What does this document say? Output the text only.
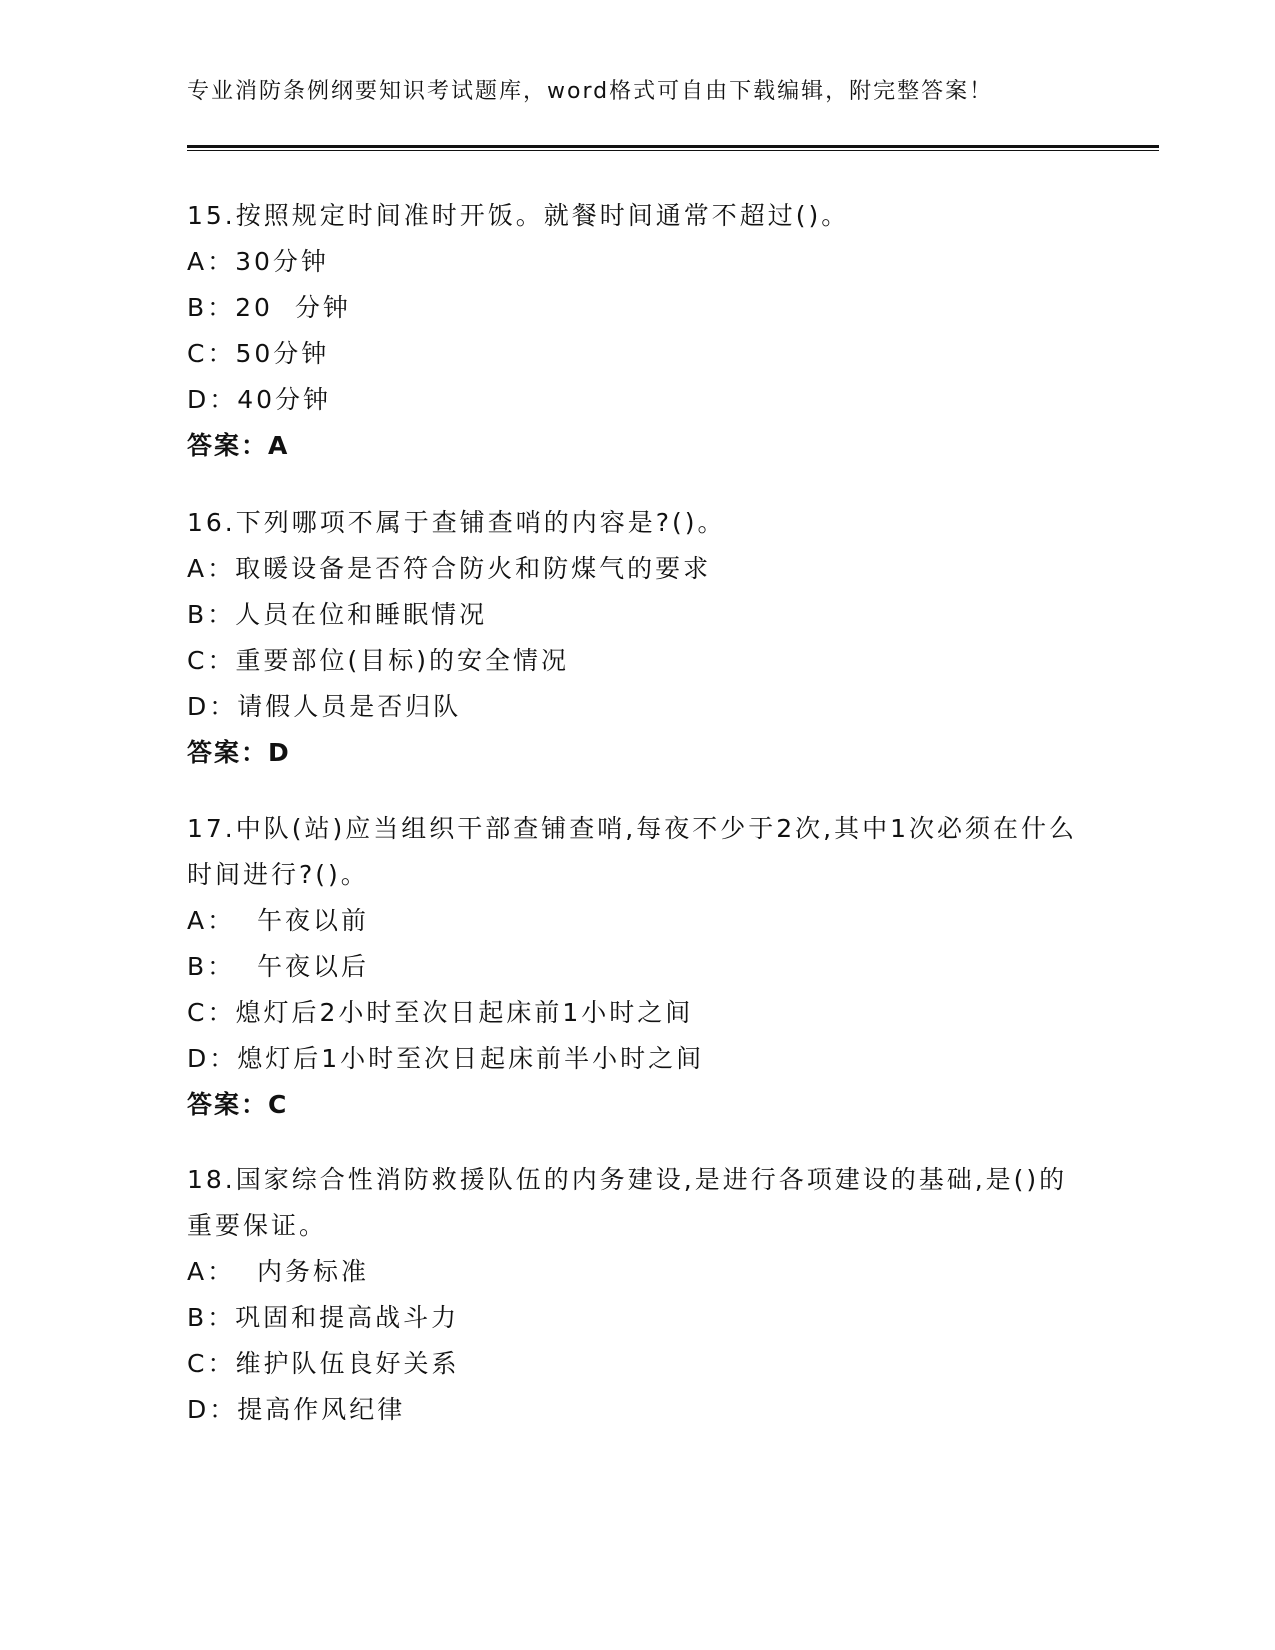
专业消防条例纲要知识考试题库，word格式可自由下载编辑，附完整答案！
15.按照规定时间准时开饭。就餐时间通常不超过()。
A：30分钟
B：20  分钟
C：50分钟
D：40分钟
答案：A
16.下列哪项不属于查铺查哨的内容是?()。
A：取暖设备是否符合防火和防煤气的要求
B：人员在位和睡眠情况
C：重要部位(目标)的安全情况
D：请假人员是否归队
答案：D
17.中队(站)应当组织干部查铺查哨,每夜不少于2次,其中1次必须在什么时间进行?()。
A：  午夜以前
B：  午夜以后
C：熄灯后2小时至次日起床前1小时之间
D：熄灯后1小时至次日起床前半小时之间
答案：C
18.国家综合性消防救援队伍的内务建设,是进行各项建设的基础,是()的重要保证。
A：  内务标准
B：巩固和提高战斗力
C：维护队伍良好关系
D：提高作风纪律
